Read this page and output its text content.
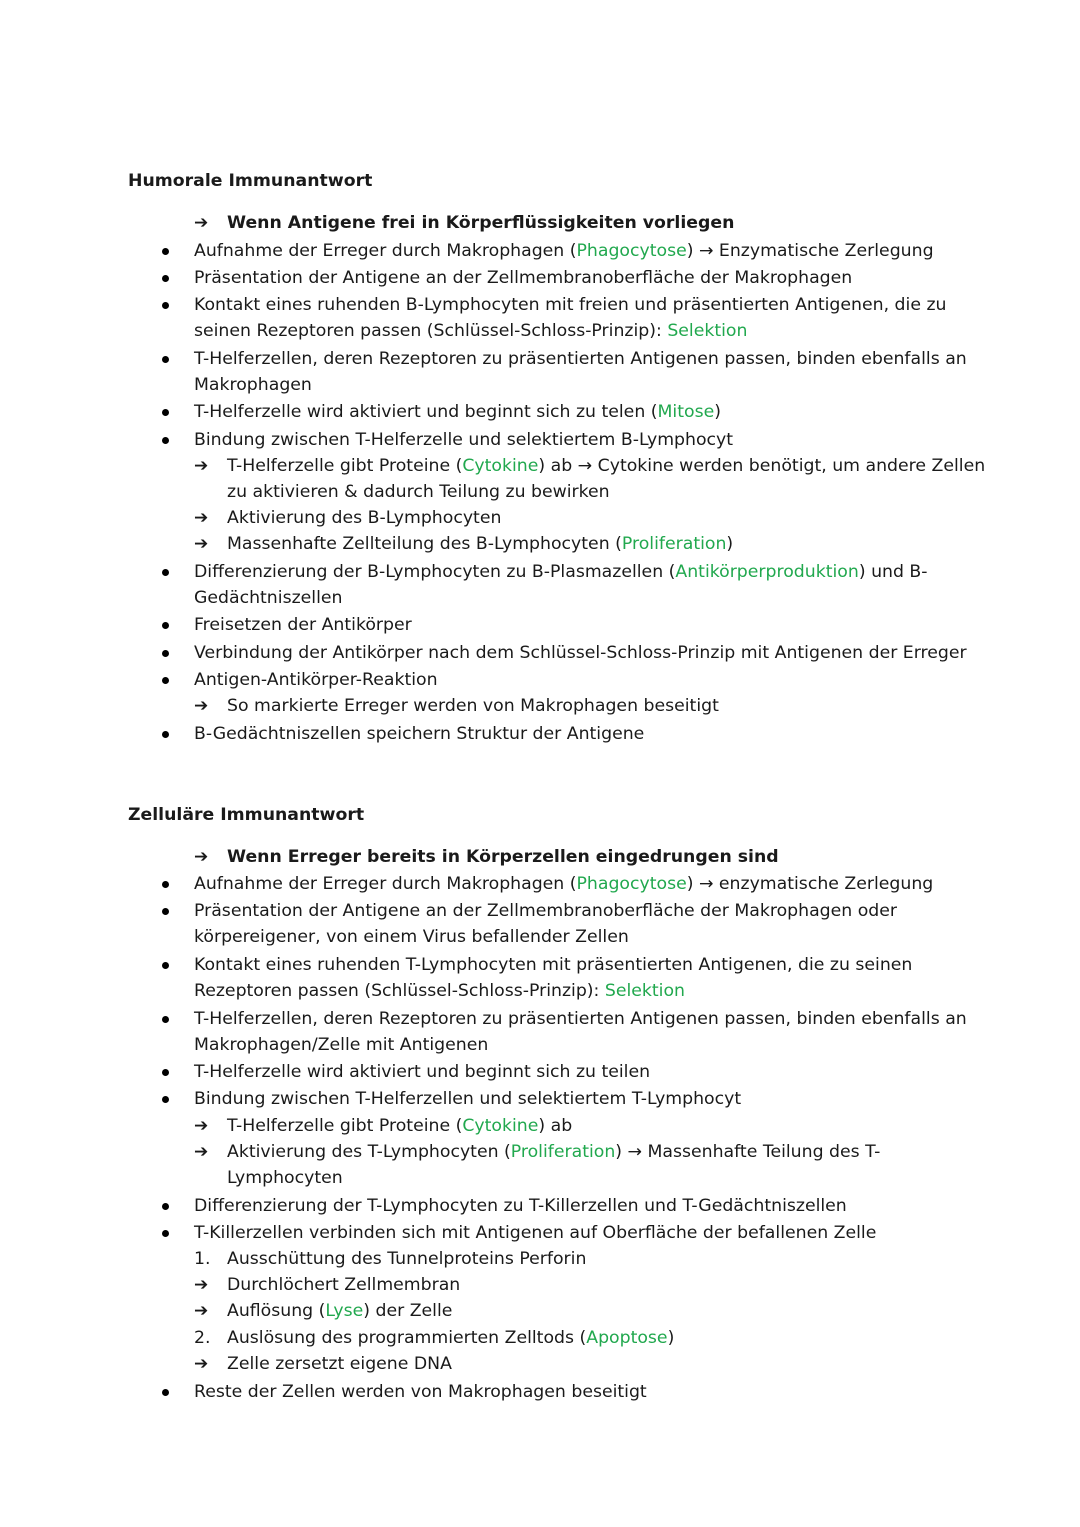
Humorale Immunantwort
➔ Wenn Antigene frei in Körperflüssigkeiten vorliegen
Aufnahme der Erreger durch Makrophagen (Phagocytose) → Enzymatische Zerlegung
Präsentation der Antigene an der Zellmembranoberfläche der Makrophagen
Kontakt eines ruhenden B-Lymphocyten mit freien und präsentierten Antigenen, die zu
seinen Rezeptoren passen (Schlüssel-Schloss-Prinzip): Selektion
T-Helferzellen, deren Rezeptoren zu präsentierten Antigenen passen, binden ebenfalls an
Makrophagen
T-Helferzelle wird aktiviert und beginnt sich zu telen (Mitose)
Bindung zwischen T-Helferzelle und selektiertem B-Lymphocyt
➔ T-Helferzelle gibt Proteine (Cytokine) ab → Cytokine werden benötigt, um andere Zellen
zu aktivieren & dadurch Teilung zu bewirken
➔ Aktivierung des B-Lymphocyten
➔ Massenhafte Zellteilung des B-Lymphocyten (Proliferation)
Differenzierung der B-Lymphocyten zu B-Plasmazellen (Antikörperproduktion) und B-
Gedächtniszellen
Freisetzen der Antikörper
Verbindung der Antikörper nach dem Schlüssel-Schloss-Prinzip mit Antigenen der Erreger
Antigen-Antikörper-Reaktion
➔ So markierte Erreger werden von Makrophagen beseitigt
B-Gedächtniszellen speichern Struktur der Antigene
Zelluläre Immunantwort
➔ Wenn Erreger bereits in Körperzellen eingedrungen sind
Aufnahme der Erreger durch Makrophagen (Phagocytose) → enzymatische Zerlegung
Präsentation der Antigene an der Zellmembranoberfläche der Makrophagen oder
körpereigener, von einem Virus befallender Zellen
Kontakt eines ruhenden T-Lymphocyten mit präsentierten Antigenen, die zu seinen
Rezeptoren passen (Schlüssel-Schloss-Prinzip): Selektion
T-Helferzellen, deren Rezeptoren zu präsentierten Antigenen passen, binden ebenfalls an
Makrophagen/Zelle mit Antigenen
T-Helferzelle wird aktiviert und beginnt sich zu teilen
Bindung zwischen T-Helferzellen und selektiertem T-Lymphocyt
➔ T-Helferzelle gibt Proteine (Cytokine) ab
➔ Aktivierung des T-Lymphocyten (Proliferation) → Massenhafte Teilung des T-
Lymphocyten
Differenzierung der T-Lymphocyten zu T-Killerzellen und T-Gedächtniszellen
T-Killerzellen verbinden sich mit Antigenen auf Oberfläche der befallenen Zelle
1. Ausschüttung des Tunnelproteins Perforin
➔ Durchlöchert Zellmembran
➔ Auflösung (Lyse) der Zelle
2. Auslösung des programmierten Zelltods (Apoptose)
➔ Zelle zersetzt eigene DNA
Reste der Zellen werden von Makrophagen beseitigt
